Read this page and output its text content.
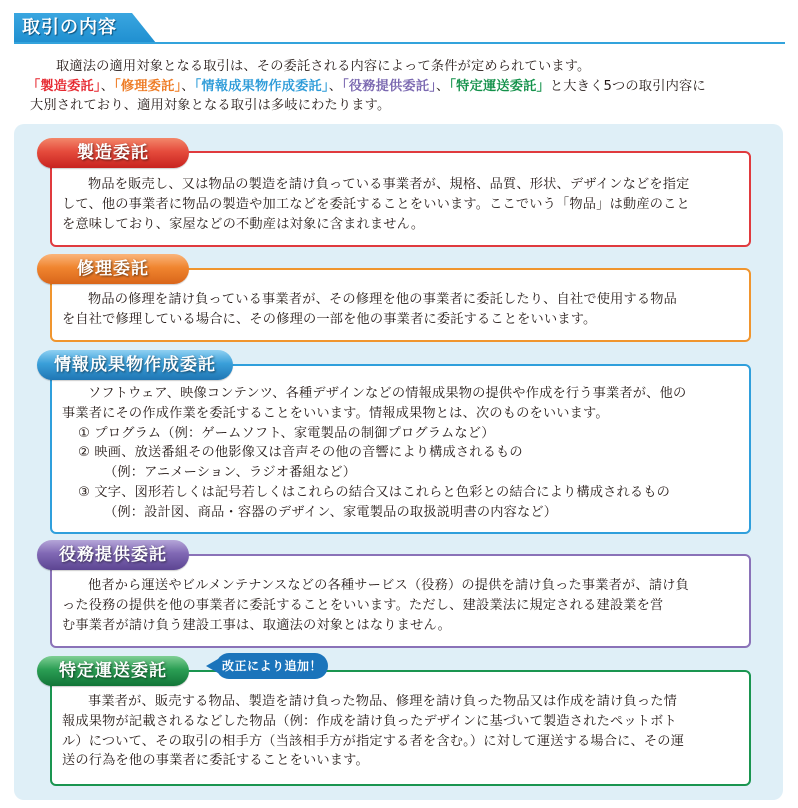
取引の内容

取適法の適用対象となる取引は、その委託される内容によって条件が定められています。

「製造委託」、「修理委託」、「情報成果物作成委託」、「役務提供委託」、「特定運送委託」と大きく5つの取引内容に

大別されており、適用対象となる取引は多岐にわたります。

物品を販売し、又は物品の製造を請け負っている事業者が、規格、品質、形状、デザインなどを指定

して、他の事業者に物品の製造や加工などを委託することをいいます。ここでいう「物品」は動産のこと

を意味しており、家屋などの不動産は対象に含まれません。

製造委託

物品の修理を請け負っている事業者が、その修理を他の事業者に委託したり、自社で使用する物品

を自社で修理している場合に、その修理の一部を他の事業者に委託することをいいます。

修理委託

ソフトウェア、映像コンテンツ、各種デザインなどの情報成果物の提供や作成を行う事業者が、他の

事業者にその作成作業を委託することをいいます。情報成果物とは、次のものをいいます。

① プログラム（例：ゲームソフト、家電製品の制御プログラムなど）

② 映画、放送番組その他影像又は音声その他の音響により構成されるもの

（例：アニメーション、ラジオ番組など）

③ 文字、図形若しくは記号若しくはこれらの結合又はこれらと色彩との結合により構成されるもの

（例：設計図、商品・容器のデザイン、家電製品の取扱説明書の内容など）

情報成果物作成委託

他者から運送やビルメンテナンスなどの各種サービス（役務）の提供を請け負った事業者が、請け負

った役務の提供を他の事業者に委託することをいいます。ただし、建設業法に規定される建設業を営

む事業者が請け負う建設工事は、取適法の対象とはなりません。

役務提供委託

事業者が、販売する物品、製造を請け負った物品、修理を請け負った物品又は作成を請け負った情

報成果物が記載されるなどした物品（例：作成を請け負ったデザインに基づいて製造されたペットボト

ル）について、その取引の相手方（当該相手方が指定する者を含む。）に対して運送する場合に、その運

送の行為を他の事業者に委託することをいいます。

特定運送委託	改正により追加！
